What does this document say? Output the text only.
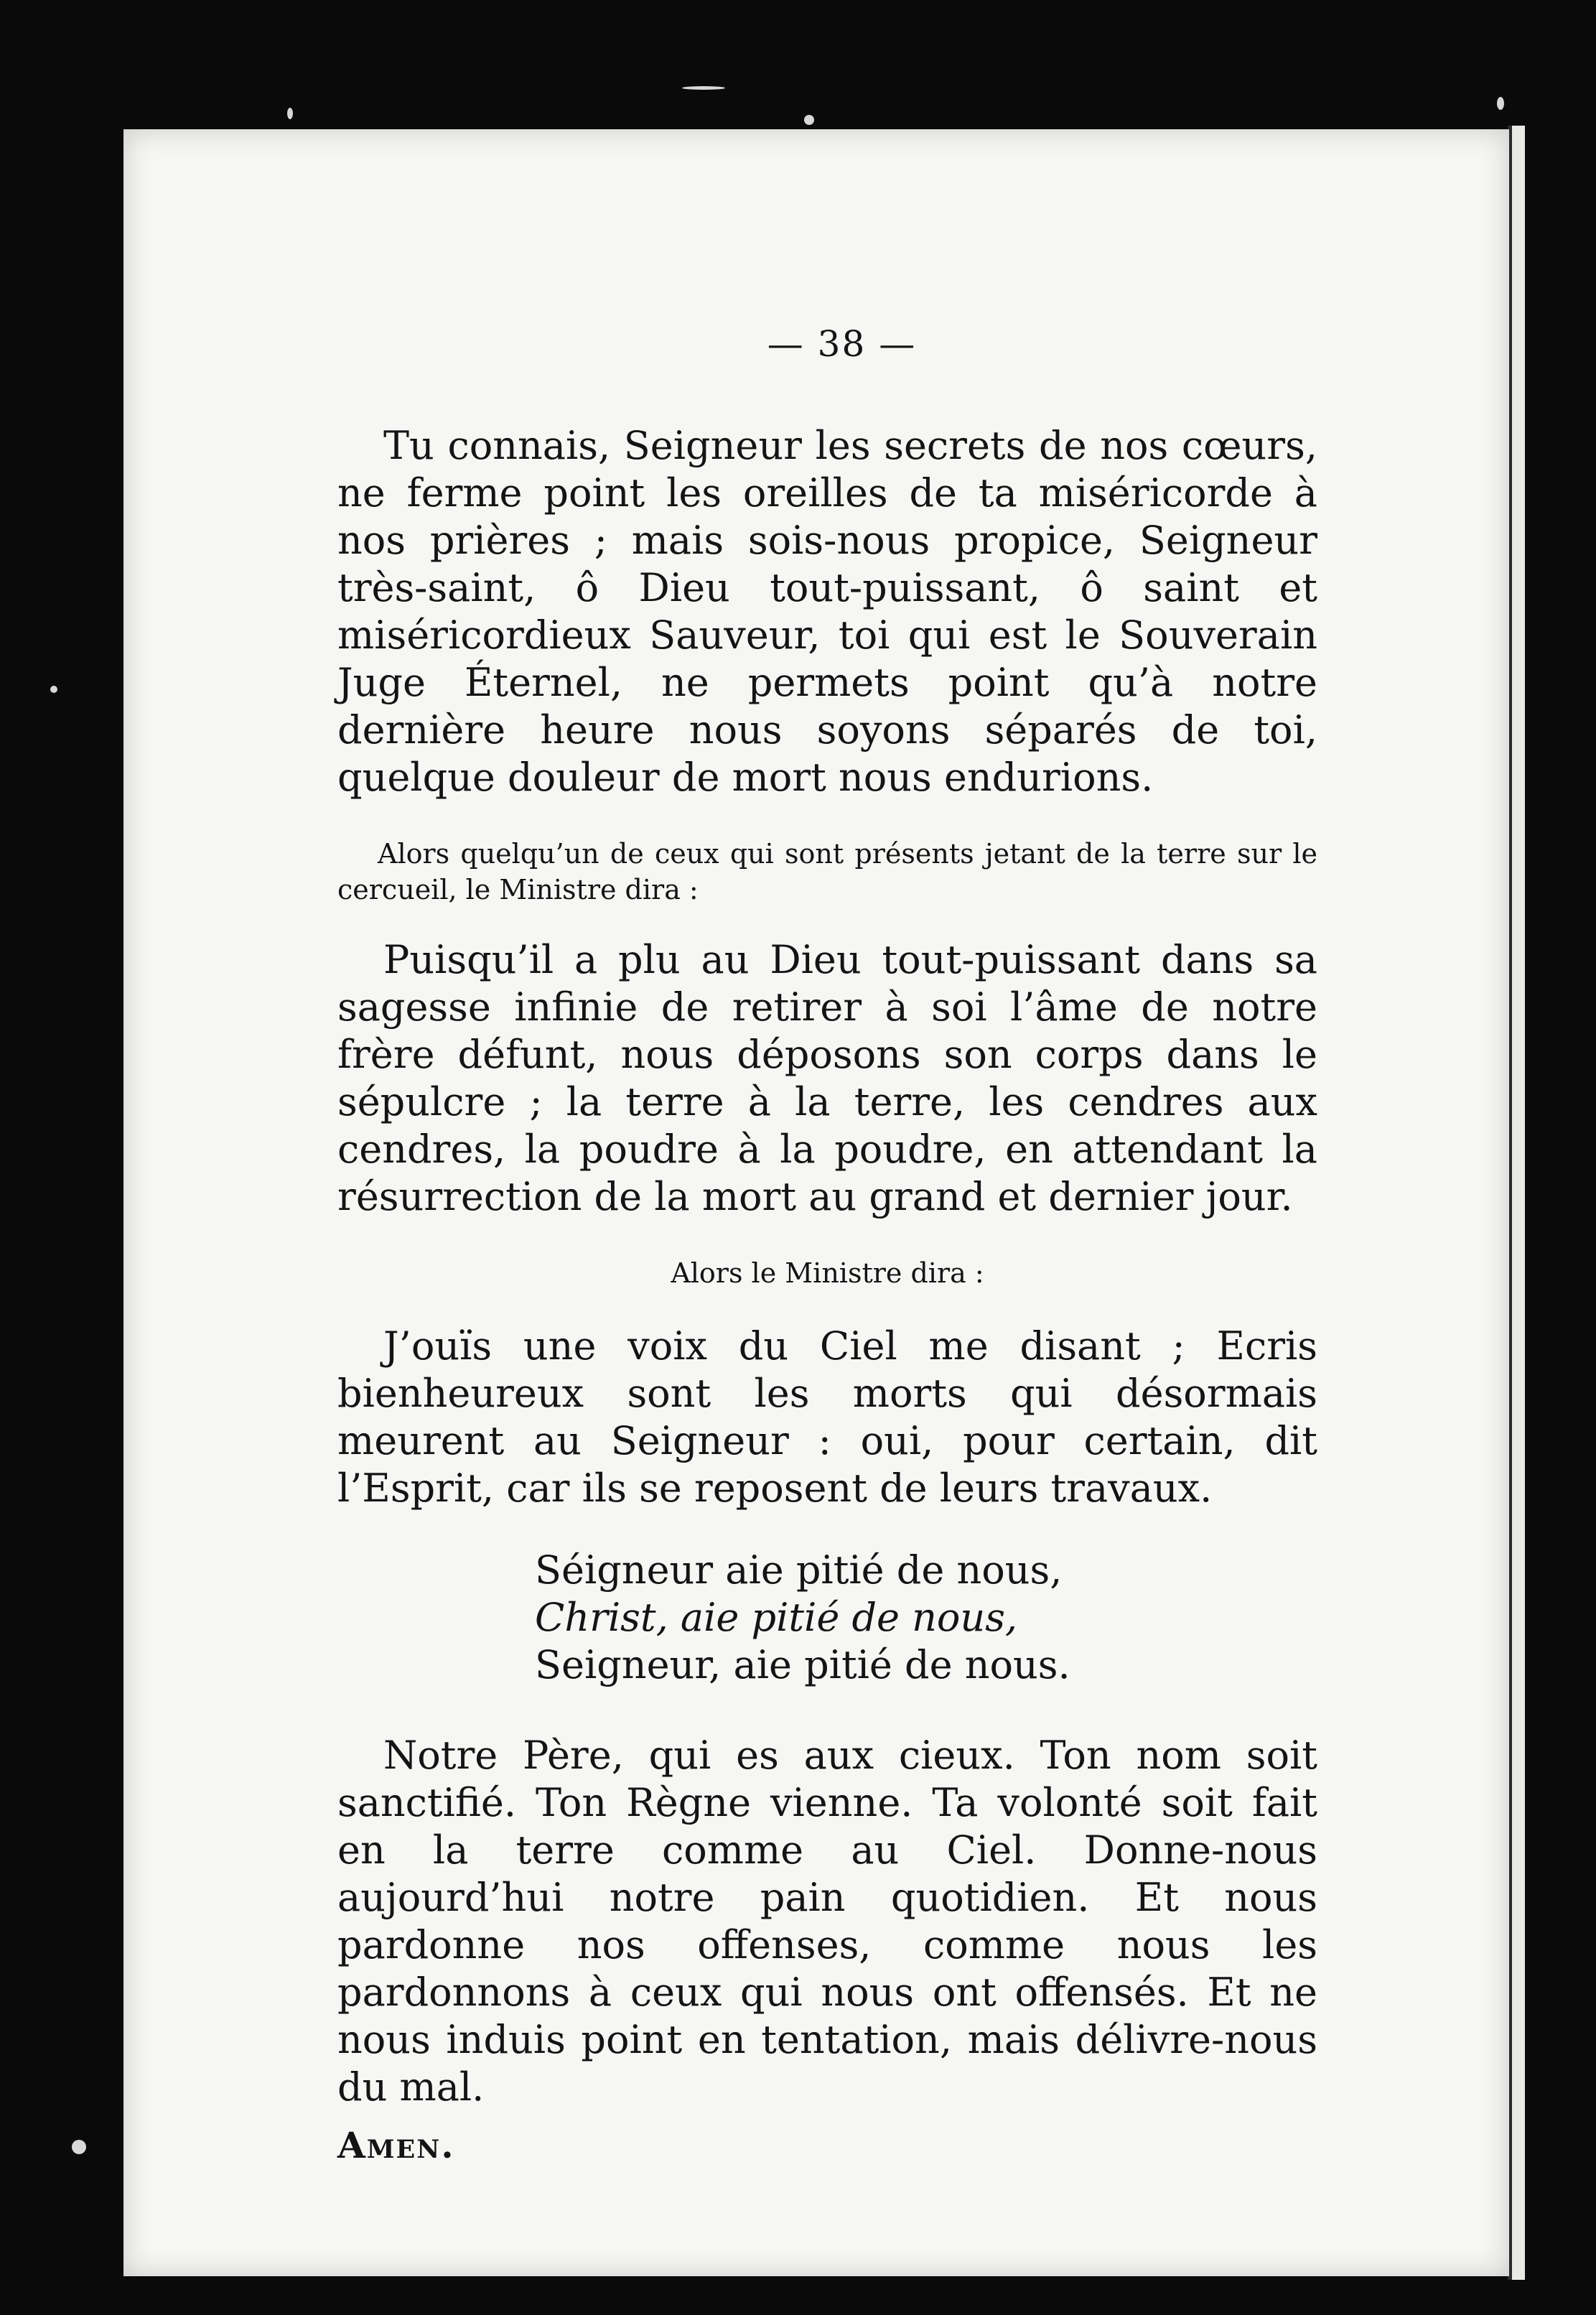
— 38 —

Tu connais, Seigneur les secrets de nos cœurs, ne ferme point les oreilles de ta miséricorde à nos prières ; mais sois-nous propice, Seigneur très-saint, ô Dieu tout-puissant, ô saint et miséricordieux Sauveur, toi qui est le Souverain Juge Éternel, ne permets point qu’à notre dernière heure nous soyons séparés de toi, quelque douleur de mort nous endurions.

Alors quelqu’un de ceux qui sont présents jetant de la terre sur le cercueil, le Ministre dira :

Puisqu’il a plu au Dieu tout-puissant dans sa sagesse infinie de retirer à soi l’âme de notre frère défunt, nous déposons son corps dans le sépulcre ; la terre à la terre, les cendres aux cendres, la poudre à la poudre, en attendant la résurrection de la mort au grand et dernier jour.

Alors le Ministre dira :

J’ouïs une voix du Ciel me disant ; Ecris bienheureux sont les morts qui désormais meurent au Seigneur : oui, pour certain, dit l’Esprit, car ils se reposent de leurs travaux.

Séigneur aie pitié de nous,
Christ, aie pitié de nous,
Seigneur, aie pitié de nous.

Notre Père, qui es aux cieux. Ton nom soit sanctifié. Ton Règne vienne. Ta volonté soit fait en la terre comme au Ciel. Donne-nous aujourd’hui notre pain quotidien. Et nous pardonne nos offenses, comme nous les pardonnons à ceux qui nous ont offensés. Et ne nous induis point en tentation, mais délivre-nous du mal.

Amen.
